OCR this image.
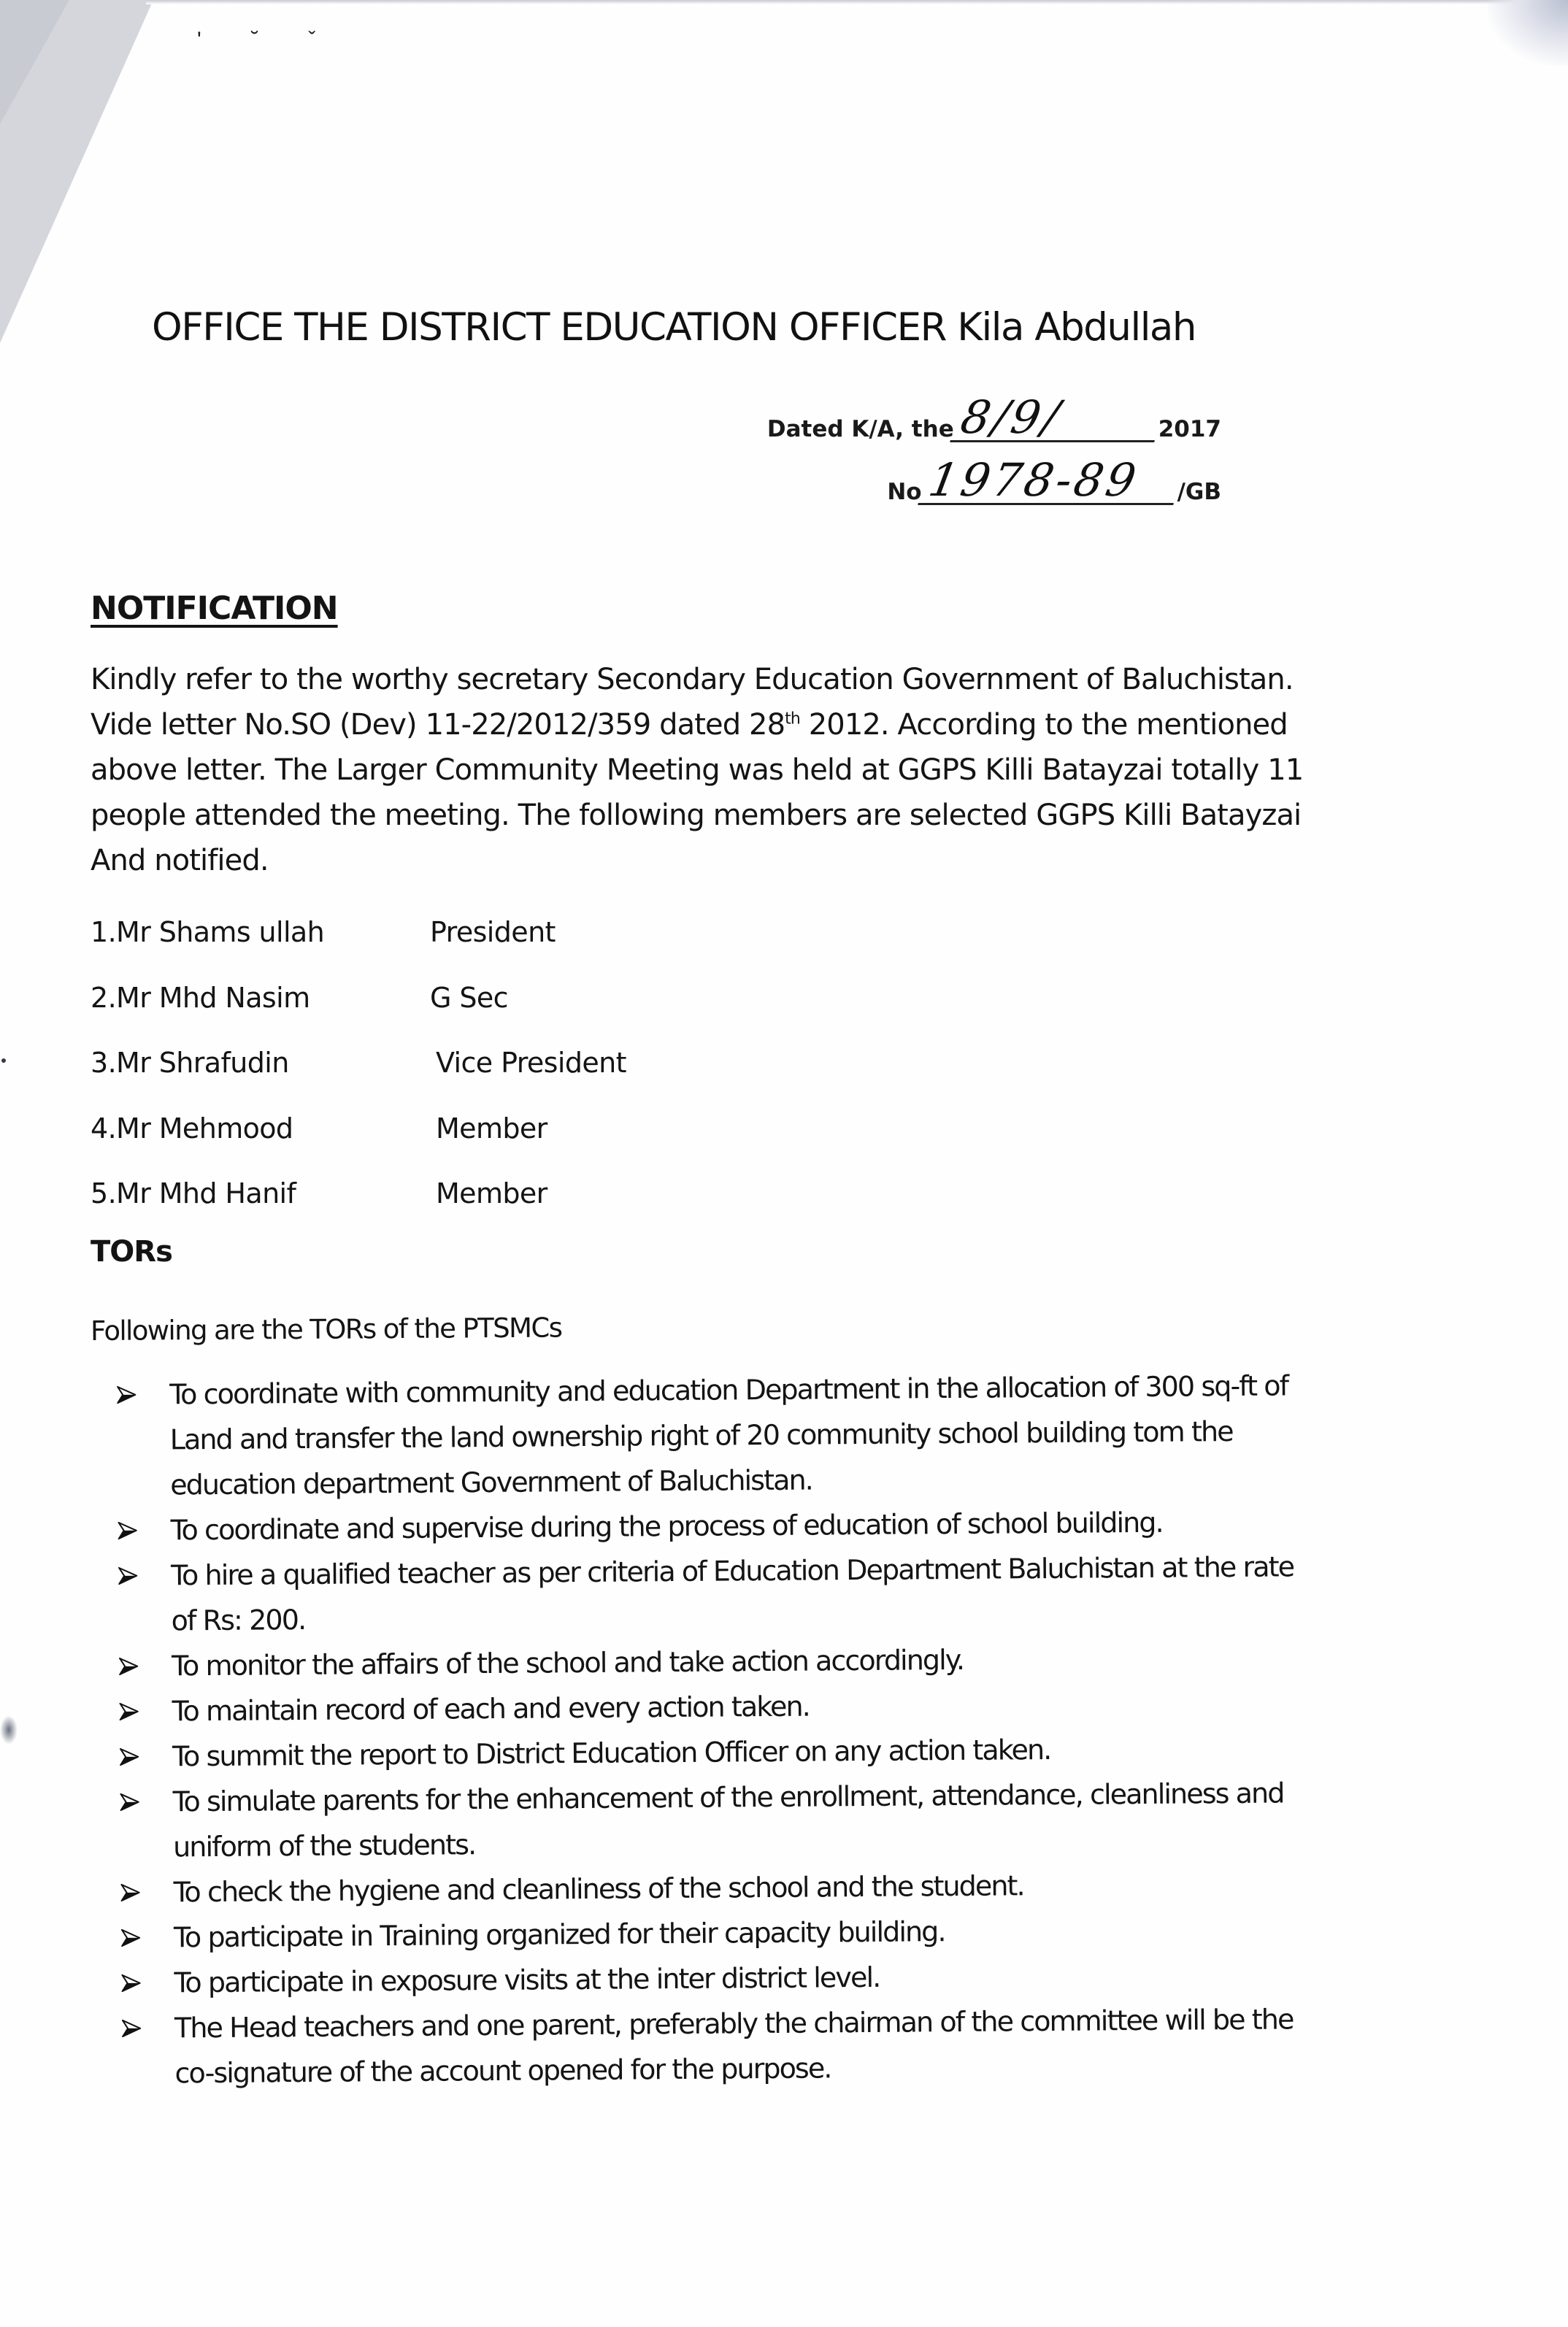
' ˘ ˇ
OFFICE THE DISTRICT EDUCATION OFFICER Kila Abdullah
Dated K/A, the 8/9/	2017
No 1978-89	/GB
NOTIFICATION
Kindly refer to the worthy secretary Secondary Education Government of Baluchistan.
Vide letter No.SO (Dev) 11-22/2012/359 dated 28th 2012. According to the mentioned
above letter. The Larger Community Meeting was held at GGPS Killi Batayzai totally 11
people attended the meeting. The following members are selected GGPS Killi Batayzai
And notified.
1.Mr Shams ullah	President
2.Mr Mhd Nasim	G Sec
3.Mr Shrafudin	Vice President
4.Mr Mehmood	Member
5.Mr Mhd Hanif	Member
TORs
Following are the TORs of the PTSMCs
To coordinate with community and education Department in the allocation of 300 sq-ft of
Land and transfer the land ownership right of 20 community school building tom the
education department Government of Baluchistan.
To coordinate and supervise during the process of education of school building.
To hire a qualified teacher as per criteria of Education Department Baluchistan at the rate
of Rs: 200.
To monitor the affairs of the school and take action accordingly.
To maintain record of each and every action taken.
To summit the report to District Education Officer on any action taken.
To simulate parents for the enhancement of the enrollment, attendance, cleanliness and
uniform of the students.
To check the hygiene and cleanliness of the school and the student.
To participate in Training organized for their capacity building.
To participate in exposure visits at the inter district level.
The Head teachers and one parent, preferably the chairman of the committee will be the
co-signature of the account opened for the purpose.
